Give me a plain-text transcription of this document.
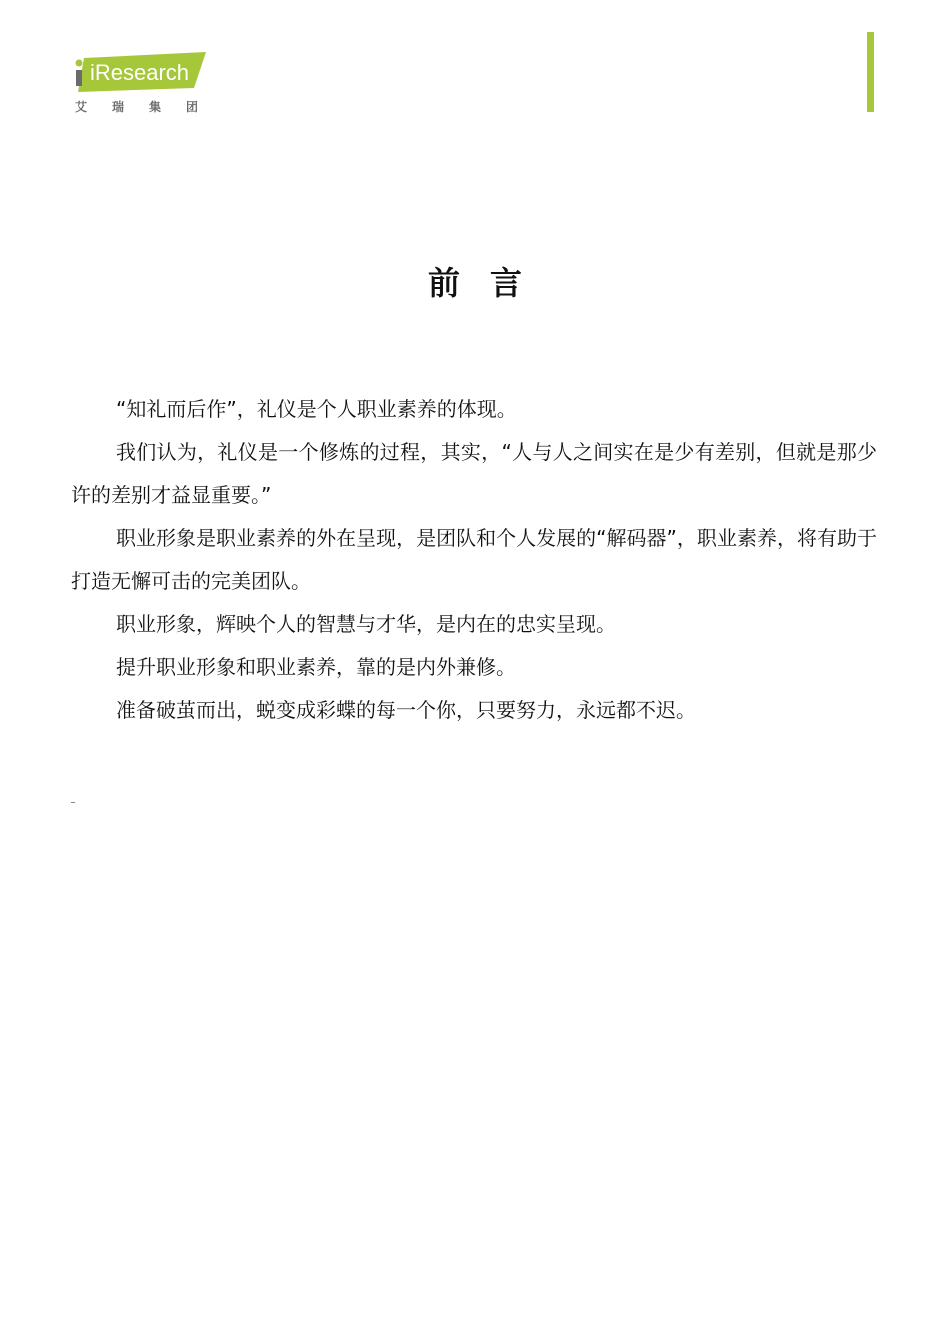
iResearch
艾瑞集团
前言

“知礼而后作”，礼仪是个人职业素养的体现。

我们认为，礼仪是一个修炼的过程，其实，“人与人之间实在是少有差别，但就是那少许的差别才益显重要。”

职业形象是职业素养的外在呈现，是团队和个人发展的“解码器”，职业素养，将有助于打造无懈可击的完美团队。

职业形象，辉映个人的智慧与才华，是内在的忠实呈现。

提升职业形象和职业素养，靠的是内外兼修。

准备破茧而出，蜕变成彩蝶的每一个你，只要努力，永远都不迟。
